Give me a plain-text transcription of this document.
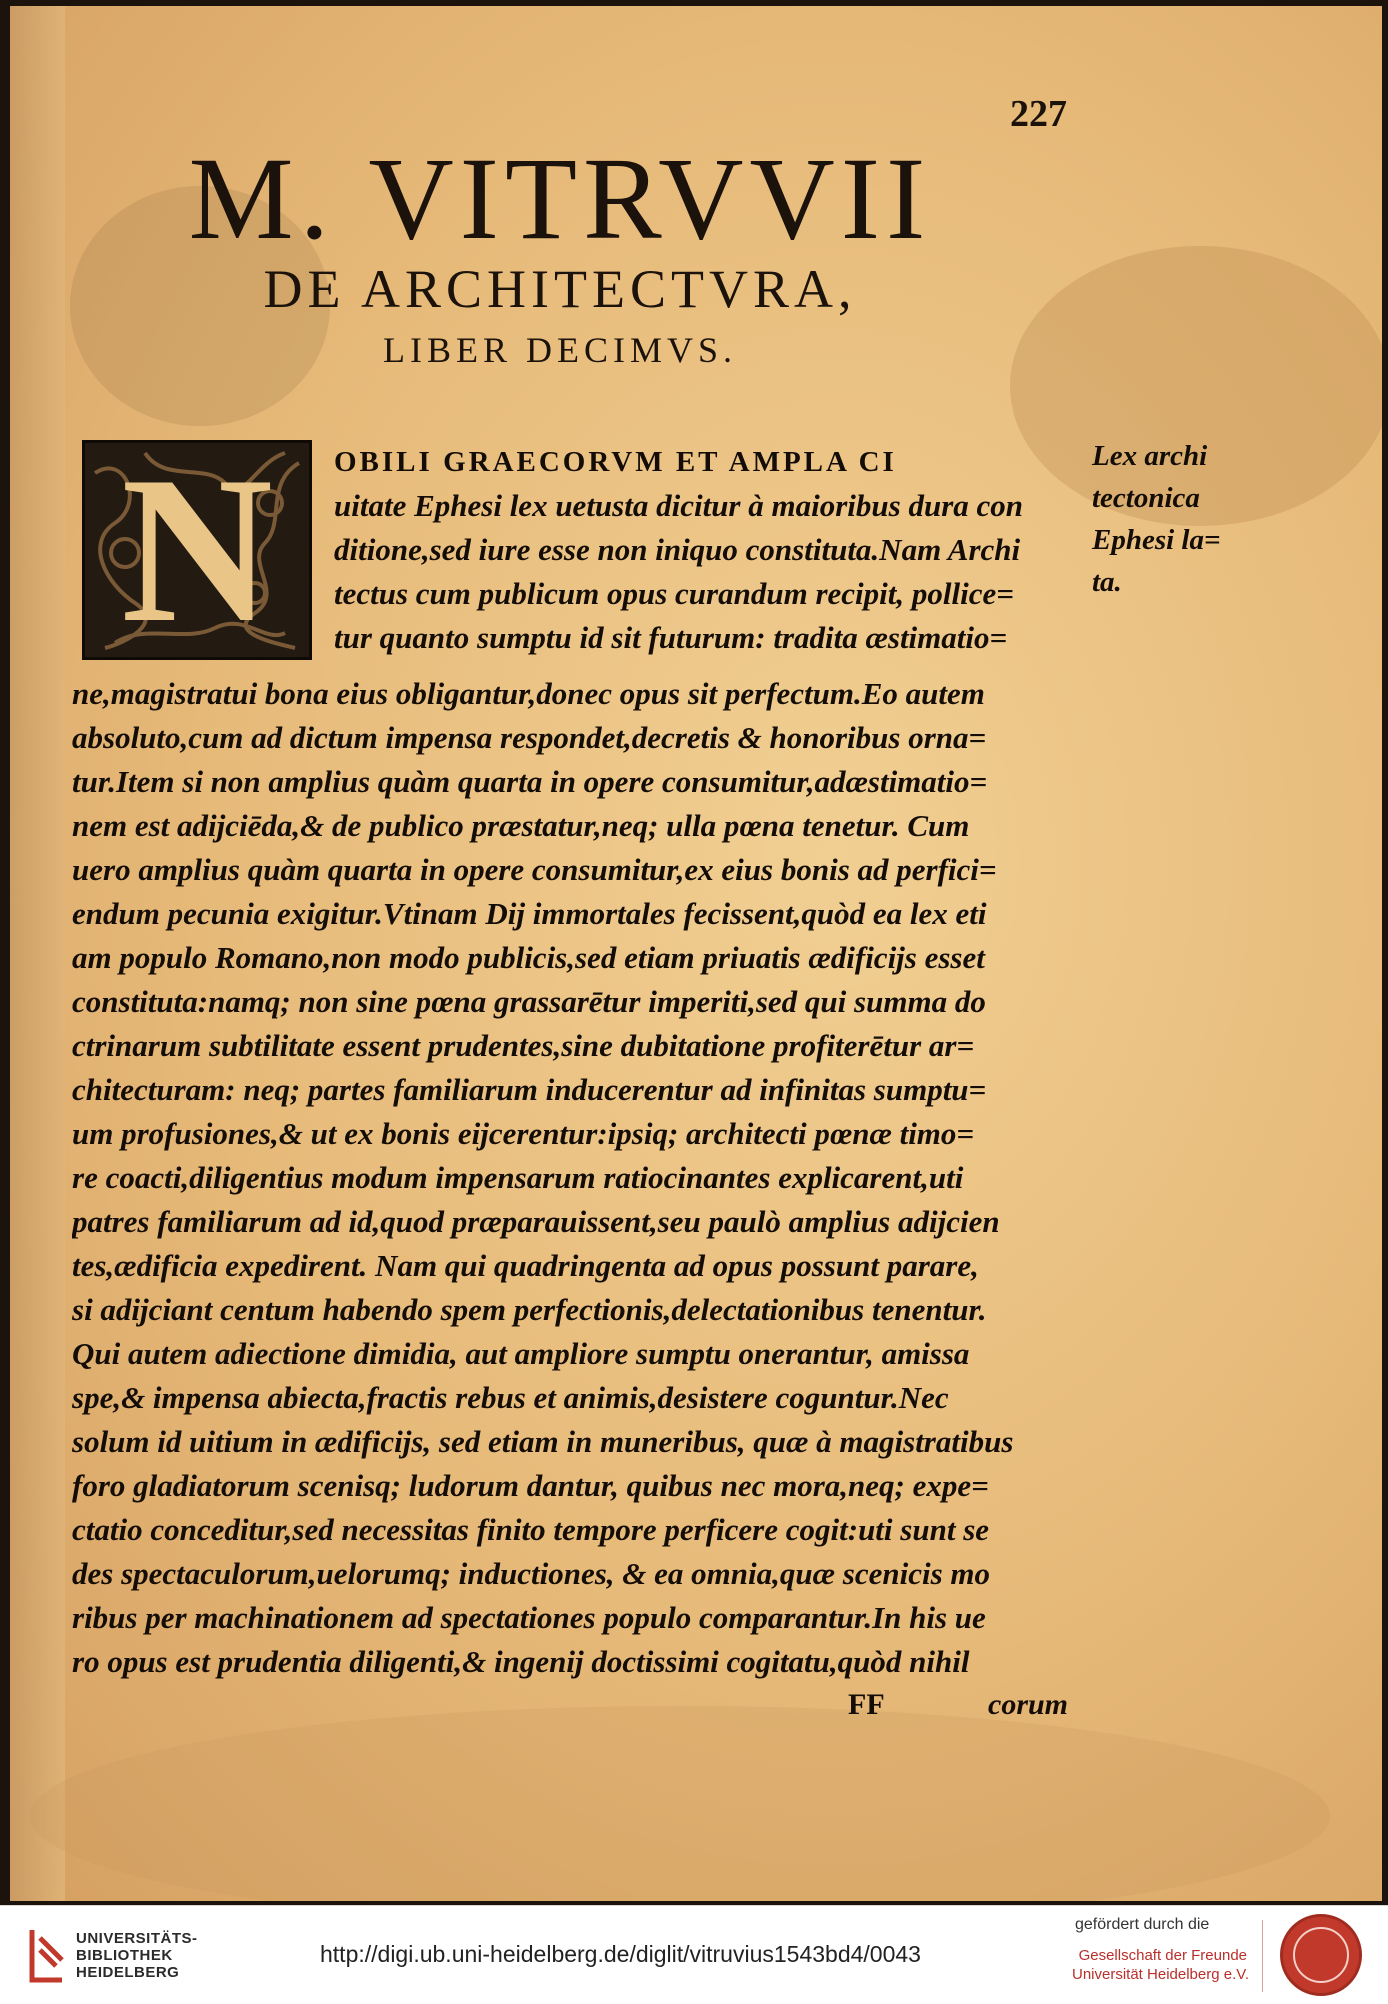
227
M. VITRVVII
DE ARCHITECTVRA,
LIBER DECIMVS.
N	OBILI GRAECORVM ET AMPLA CI
uitate Ephesi lex uetusta dicitur à maioribus dura con
ditione,sed iure esse non iniquo constituta.Nam Archi
tectus cum publicum opus curandum recipit, pollice=
tur quanto sumptu id sit futurum: tradita æstimatio=
ne,magistratui bona eius obligantur,donec opus sit perfectum.Eo autem
absoluto,cum ad dictum impensa respondet,decretis & honoribus orna=
tur.Item si non amplius quàm quarta in opere consumitur,adæstimatio=
nem est adijciēda,& de publico præstatur,neq; ulla pœna tenetur. Cum
uero amplius quàm quarta in opere consumitur,ex eius bonis ad perfici=
endum pecunia exigitur.Vtinam Dij immortales fecissent,quòd ea lex eti
am populo Romano,non modo publicis,sed etiam priuatis ædificijs esset
constituta:namq; non sine pœna grassarētur imperiti,sed qui summa do
ctrinarum subtilitate essent prudentes,sine dubitatione profiterētur ar=
chitecturam: neq; partes familiarum inducerentur ad infinitas sumptu=
um profusiones,& ut ex bonis eijcerentur:ipsiq; architecti pœnæ timo=
re coacti,diligentius modum impensarum ratiocinantes explicarent,uti
patres familiarum ad id,quod præparauissent,seu paulò amplius adijcien
tes,ædificia expedirent. Nam qui quadringenta ad opus possunt parare,
si adijciant centum habendo spem perfectionis,delectationibus tenentur.
Qui autem adiectione dimidia, aut ampliore sumptu onerantur, amissa
spe,& impensa abiecta,fractis rebus et animis,desistere coguntur.Nec
solum id uitium in ædificijs, sed etiam in muneribus, quæ à magistratibus
foro gladiatorum scenisq; ludorum dantur, quibus nec mora,neq; expe=
ctatio conceditur,sed necessitas finito tempore perficere cogit:uti sunt se
des spectaculorum,uelorumq; inductiones, & ea omnia,quæ scenicis mo
ribus per machinationem ad spectationes populo comparantur.In his ue
ro opus est prudentia diligenti,& ingenij doctissimi cogitatu,quòd nihil
Lex archi
tectonica
Ephesi la=
ta.
FF	corum
UNIVERSITÄTS-
BIBLIOTHEK
HEIDELBERG
http://digi.ub.uni-heidelberg.de/diglit/vitruvius1543bd4/0043
gefördert durch die
Gesellschaft der Freunde
Universität Heidelberg e.V.
